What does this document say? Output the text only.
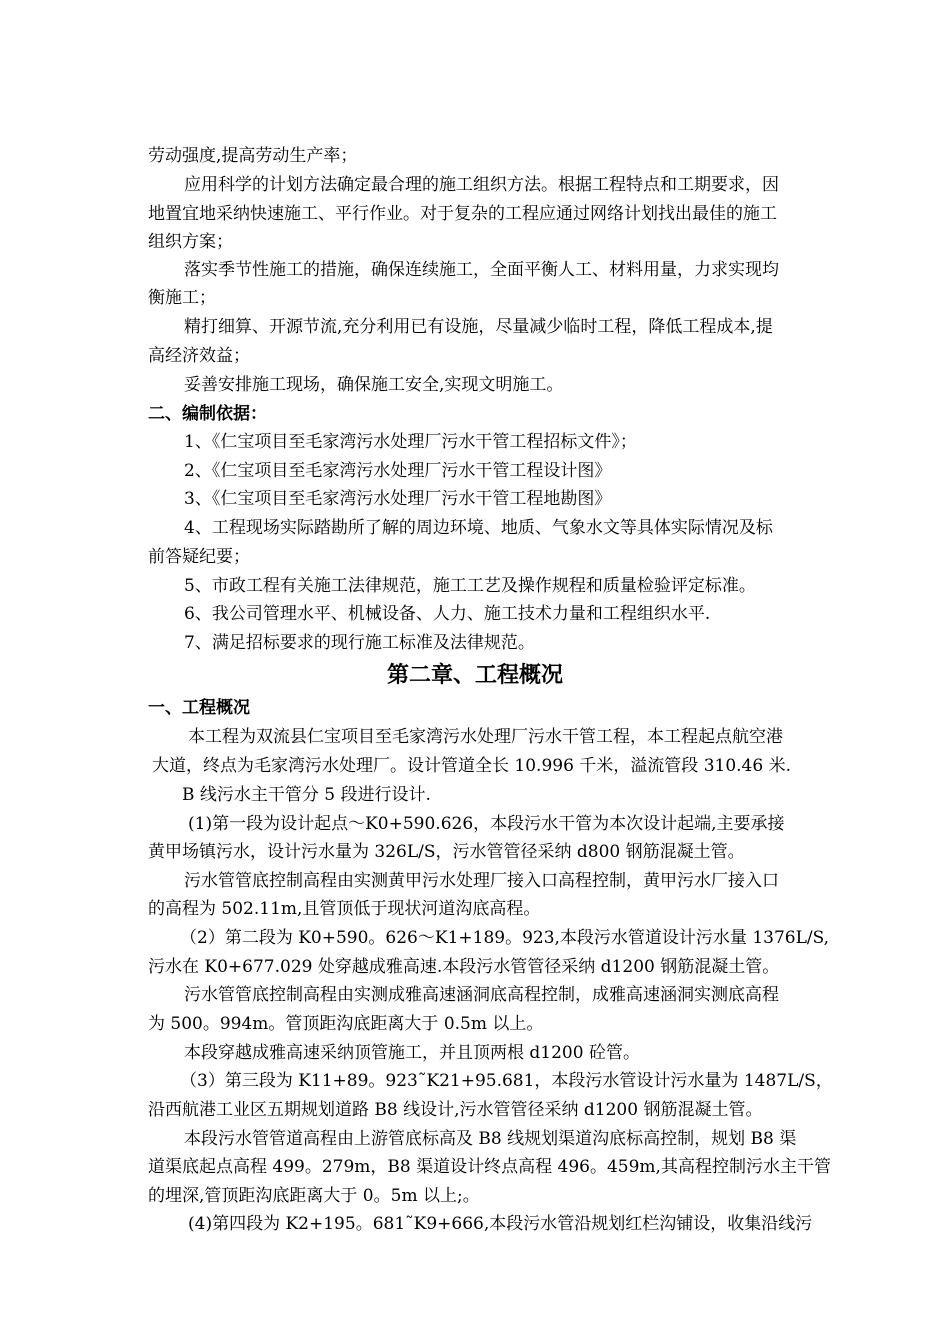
劳动强度,提高劳动生产率；
应用科学的计划方法确定最合理的施工组织方法。根据工程特点和工期要求，因
地置宜地采纳快速施工、平行作业。对于复杂的工程应通过网络计划找出最佳的施工
组织方案；
落实季节性施工的措施，确保连续施工，全面平衡人工、材料用量，力求实现均
衡施工；
精打细算、开源节流,充分利用已有设施，尽量减少临时工程，降低工程成本,提
高经济效益；
妥善安排施工现场，确保施工安全,实现文明施工。
二、编制依据：
1、《仁宝项目至毛家湾污水处理厂污水干管工程招标文件》；
2、《仁宝项目至毛家湾污水处理厂污水干管工程设计图》
3、《仁宝项目至毛家湾污水处理厂污水干管工程地勘图》
4、工程现场实际踏勘所了解的周边环境、地质、气象水文等具体实际情况及标
前答疑纪要；
5、市政工程有关施工法律规范，施工工艺及操作规程和质量检验评定标准。
6、我公司管理水平、机械设备、人力、施工技术力量和工程组织水平.
7、满足招标要求的现行施工标准及法律规范。
第二章、工程概况
一、工程概况
本工程为双流县仁宝项目至毛家湾污水处理厂污水干管工程，本工程起点航空港
大道，终点为毛家湾污水处理厂。设计管道全长 10.996 千米，溢流管段 310.46 米.
B 线污水主干管分 5 段进行设计.
(1)第一段为设计起点～K0+590.626，本段污水干管为本次设计起端,主要承接
黄甲场镇污水，设计污水量为 326L/S，污水管管径采纳 d800 钢筋混凝土管。
污水管管底控制高程由实测黄甲污水处理厂接入口高程控制，黄甲污水厂接入口
的高程为 502.11m,且管顶低于现状河道沟底高程。
（2）第二段为 K0+590。626～K1+189。923,本段污水管道设计污水量 1376L/S,
污水在 K0+677.029 处穿越成雅高速.本段污水管管径采纳 d1200 钢筋混凝土管。
污水管管底控制高程由实测成雅高速涵洞底高程控制，成雅高速涵洞实测底高程
为 500。994m。管顶距沟底距离大于 0.5m 以上。
本段穿越成雅高速采纳顶管施工，并且顶两根 d1200 砼管。
（3）第三段为 K11+89。923˜K21+95.681，本段污水管设计污水量为 1487L/S，
沿西航港工业区五期规划道路 B8 线设计,污水管管径采纳 d1200 钢筋混凝土管。
本段污水管管道高程由上游管底标高及 B8 线规划渠道沟底标高控制，规划 B8 渠
道渠底起点高程 499。279m，B8 渠道设计终点高程 496。459m,其高程控制污水主干管
的埋深,管顶距沟底距离大于 0。5m 以上;。
(4)第四段为 K2+195。681˜K9+666,本段污水管沿规划红栏沟铺设，收集沿线污
